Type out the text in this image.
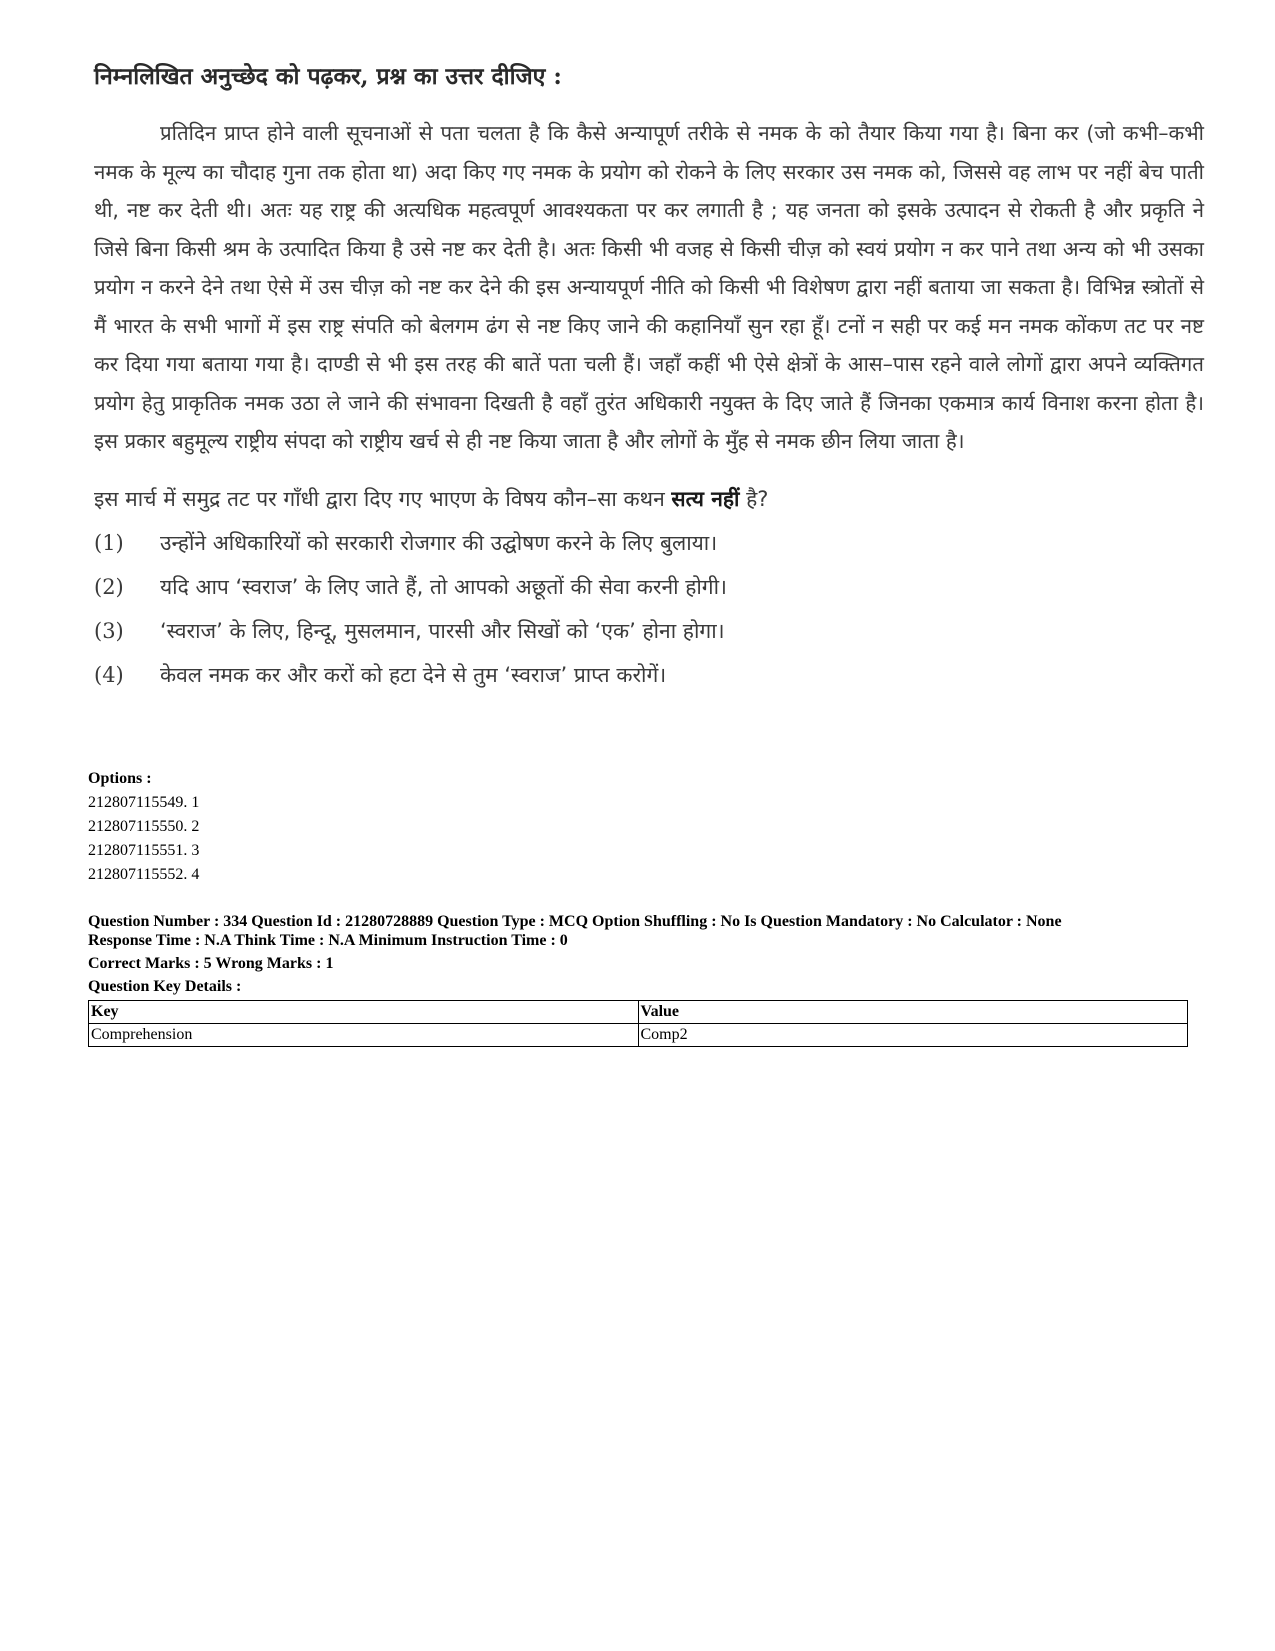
निम्नलिखित अनुच्छेद को पढ़कर, प्रश्न का उत्तर दीजिए :

प्रतिदिन प्राप्त होने वाली सूचनाओं से पता चलता है कि कैसे अन्यापूर्ण तरीके से नमक के को तैयार किया गया है। बिना कर (जो कभी–कभी नमक के मूल्य का चौदाह गुना तक होता था) अदा किए गए नमक के प्रयोग को रोकने के लिए सरकार उस नमक को, जिससे वह लाभ पर नहीं बेच पाती थी, नष्ट कर देती थी। अतः यह राष्ट्र की अत्यधिक महत्वपूर्ण आवश्यकता पर कर लगाती है ; यह जनता को इसके उत्पादन से रोकती है और प्रकृति ने जिसे बिना किसी श्रम के उत्पादित किया है उसे नष्ट कर देती है। अतः किसी भी वजह से किसी चीज़ को स्वयं प्रयोग न कर पाने तथा अन्य को भी उसका प्रयोग न करने देने तथा ऐसे में उस चीज़ को नष्ट कर देने की इस अन्यायपूर्ण नीति को किसी भी विशेषण द्वारा नहीं बताया जा सकता है। विभिन्न स्त्रोतों से मैं भारत के सभी भागों में इस राष्ट्र संपति को बेलगम ढंग से नष्ट किए जाने की कहानियाँ सुन रहा हूँ। टनों न सही पर कई मन नमक कोंकण तट पर नष्ट कर दिया गया बताया गया है। दाण्डी से भी इस तरह की बातें पता चली हैं। जहाँ कहीं भी ऐसे क्षेत्रों के आस–पास रहने वाले लोगों द्वारा अपने व्यक्तिगत प्रयोग हेतु प्राकृतिक नमक उठा ले जाने की संभावना दिखती है वहाँ तुरंत अधिकारी नयुक्त के दिए जाते हैं जिनका एकमात्र कार्य विनाश करना होता है। इस प्रकार बहुमूल्य राष्ट्रीय संपदा को राष्ट्रीय खर्च से ही नष्ट किया जाता है और लोगों के मुँह से नमक छीन लिया जाता है।

इस मार्च में समुद्र तट पर गाँधी द्वारा दिए गए भाएण के विषय कौन–सा कथन सत्य नहीं है?

(1)	उन्होंने अधिकारियों को सरकारी रोजगार की उद्घोषण करने के लिए बुलाया।
(2)	यदि आप ‘स्वराज’ के लिए जाते हैं, तो आपको अछूतों की सेवा करनी होगी।
(3)	‘स्वराज’ के लिए, हिन्दू, मुसलमान, पारसी और सिखों को ‘एक’ होना होगा।
(4)	केवल नमक कर और करों को हटा देने से तुम ‘स्वराज’ प्राप्त करोगें।
Options :
212807115549. 1
212807115550. 2
212807115551. 3
212807115552. 4
Question Number : 334 Question Id : 21280728889 Question Type : MCQ Option Shuffling : No Is Question Mandatory : No Calculator : None
Response Time : N.A Think Time : N.A Minimum Instruction Time : 0
Correct Marks : 5 Wrong Marks : 1
Question Key Details :
Key	Value
Comprehension	Comp2
